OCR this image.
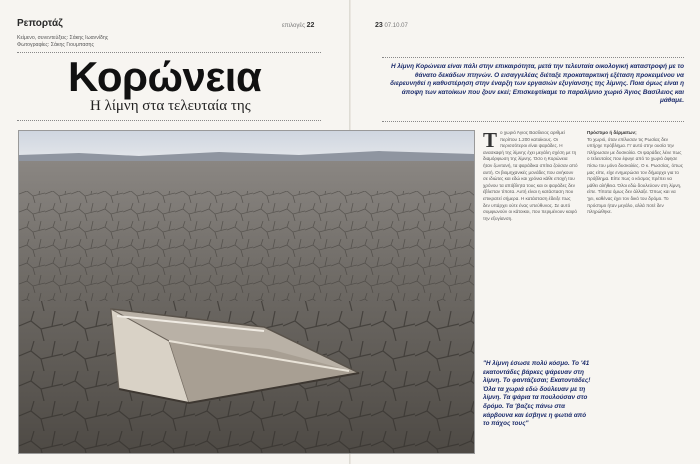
Ρεπορτάζ	επιλογές 22	23 07.10.07
Κείμενο, συνεντεύξεις: Σάκης Ιωαννίδης
Φωτογραφίες: Σάκης Γιουμπασης
Κορώνεια
Η λίμνη στα τελευταία της
Η λίμνη Κορώνεια είναι πάλι στην επικαιρότητα, μετά την τελευταία οικολογική καταστροφή με το θάνατο δεκάδων πτηνών. Ο εισαγγελέας διέταξε προκαταρκτική εξέταση προκειμένου να διερευνηθεί η καθυστέρηση στην έναρξη των εργασιών εξυγίανσης της λίμνης. Ποια όμως είναι η άποψη των κατοίκων που ζουν εκεί; Επισκεφτίκαμε το παραλίμνιο χωριό Άγιος Βασίλειος και μάθαμε.
Τ ο χωριό Άγιος Βασίλειος αριθμεί περίπου 1.200 κατοίκους. Οι περισσότεροι είναι ψαράδες. Η ανασκαφή της λίμνης έχει μεγάλη σχέση με τη διαμόρφωση της λίμνης. Όσο η Κορώνεια ήταν ζωντανή, τα ψαράδικα σπίτια ζούσαν από αυτή. Οι βιομηχανικές μονάδες που ανήκουν σε ιδιώτες και εδώ και χρόνια κάθε εποχή του χρόνου τα απόβλητα τους και οι ψαράδες δεν έβλεπαν τίποτα. Αυτή είναι η κατάσταση που επικρατεί σήμερα. Η κατάσταση έδειξε πως δεν υπάρχει ούτε ένας υπεύθυνος. Σε αυτό συμφωνούν οι κάτοικοι, που περιμένουν καιρό την εξυγίανση.
Πρόστιμο ή δέρματων;
Το χωριό, όταν επίλυσαν τις Ρωσίας δεν υπήρχε πρόβλημα. Γι' αυτό στην ουσία την πλήρωσαν με δυσκολία. Οι ψαράδες λένε πως ο τελευταίος που έφυγε από το χωριό άφησε πίσω του μόνο δυσκολίες. Ο κ. Ρωσσίας, όπως μας είπε, είχε ενημερώσει τον δήμαρχο για το πρόβλημα. Είπε πως ο κόσμος πρέπει να μάθει αλήθεια. Όλοι εδώ δουλεύουν στη λίμνη, είπε. Τίποτα όμως δεν άλλαξε. Όπως και να 'χει, καθένας έχει τον δικό του δρόμο. Το πρόστιμο ήταν μεγάλο, αλλά ποτέ δεν πληρώθηκε.
"Η λίμνη έσωσε πολύ κόσμο. Το '41 εκατοντάδες βάρκες ψάρευαν στη λίμνη. Το φαντάζεσαι; Εκατοντάδες! Όλα τα χωριά εδώ δούλευαν με τη λίμνη. Τα ψάρια τα πουλούσαν στο δρόμο. Τα 'βαζες πάνω στα κάρβουνα και έσβηνε η φωτιά από το πάχος τους"
